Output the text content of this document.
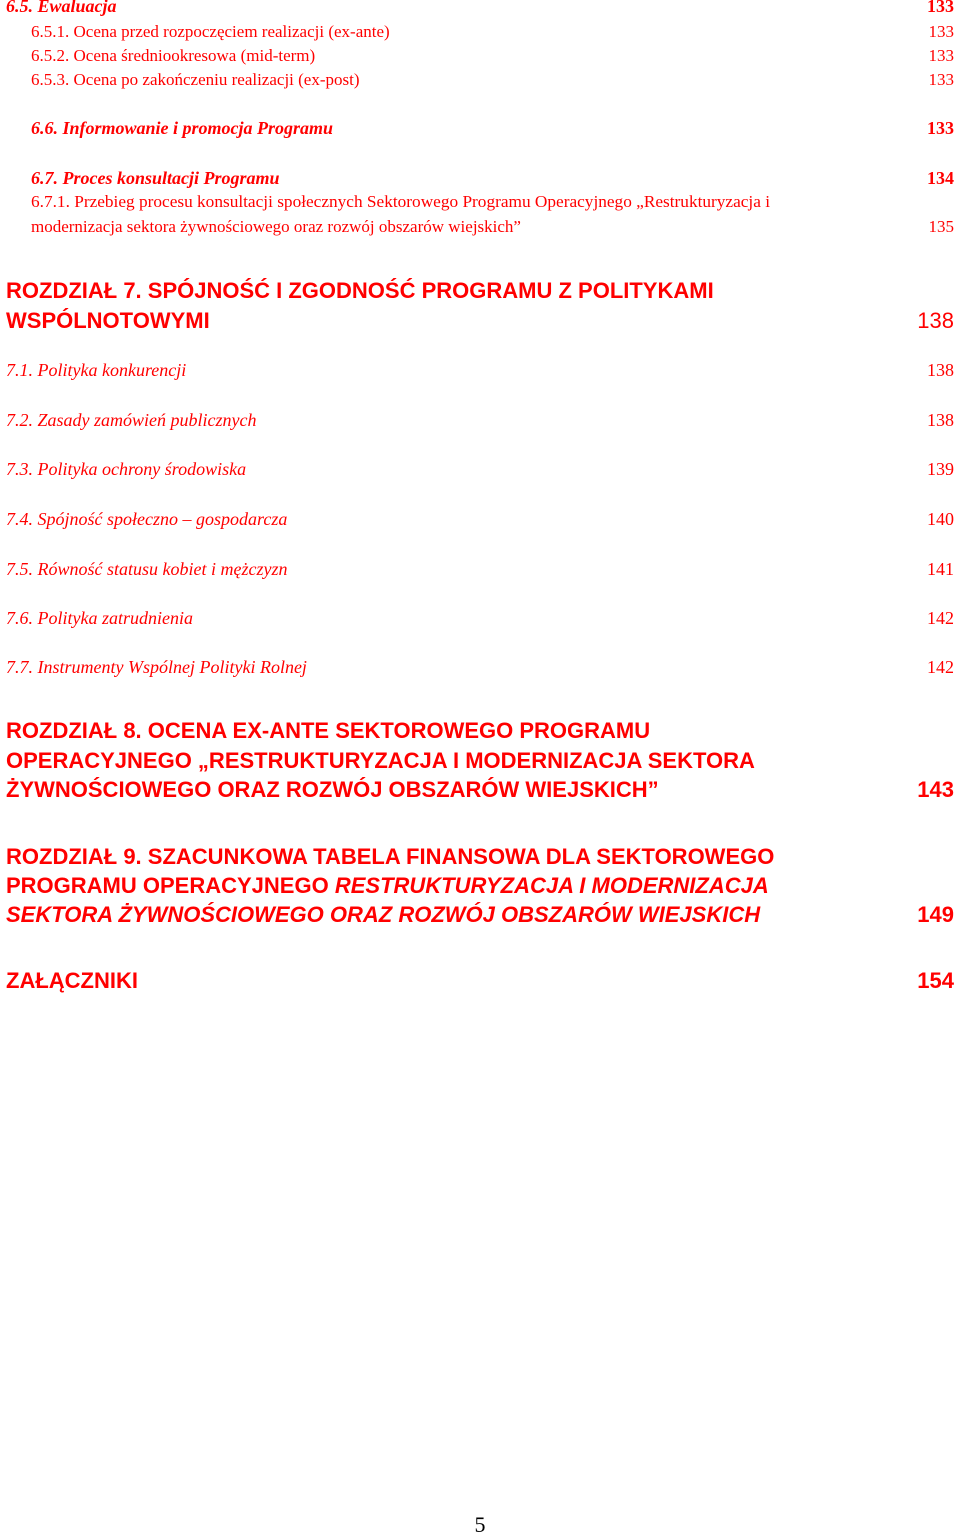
6.5. Ewaluacja	133
6.5.1. Ocena przed rozpoczęciem realizacji (ex-ante)	133
6.5.2. Ocena średniookresowa (mid-term)	133
6.5.3. Ocena po zakończeniu realizacji (ex-post)	133
6.6. Informowanie i promocja Programu	133
6.7. Proces konsultacji Programu	134
6.7.1. Przebieg procesu konsultacji społecznych Sektorowego Programu Operacyjnego „Restrukturyzacja i
modernizacja sektora żywnościowego oraz rozwój obszarów wiejskich”	135
ROZDZIAŁ 7. SPÓJNOŚĆ I ZGODNOŚĆ PROGRAMU Z POLITYKAMI
WSPÓLNOTOWYMI	138
7.1. Polityka konkurencji	138
7.2. Zasady zamówień publicznych	138
7.3. Polityka ochrony środowiska	139
7.4. Spójność społeczno – gospodarcza	140
7.5. Równość statusu kobiet i mężczyzn	141
7.6. Polityka zatrudnienia	142
7.7. Instrumenty Wspólnej Polityki Rolnej	142
ROZDZIAŁ 8. OCENA EX-ANTE SEKTOROWEGO PROGRAMU
OPERACYJNEGO „RESTRUKTURYZACJA I MODERNIZACJA SEKTORA
ŻYWNOŚCIOWEGO ORAZ ROZWÓJ OBSZARÓW WIEJSKICH”	143
ROZDZIAŁ 9. SZACUNKOWA TABELA FINANSOWA DLA SEKTOROWEGO
PROGRAMU OPERACYJNEGO RESTRUKTURYZACJA I MODERNIZACJA
SEKTORA ŻYWNOŚCIOWEGO ORAZ ROZWÓJ OBSZARÓW WIEJSKICH	149
ZAŁĄCZNIKI	154
5
